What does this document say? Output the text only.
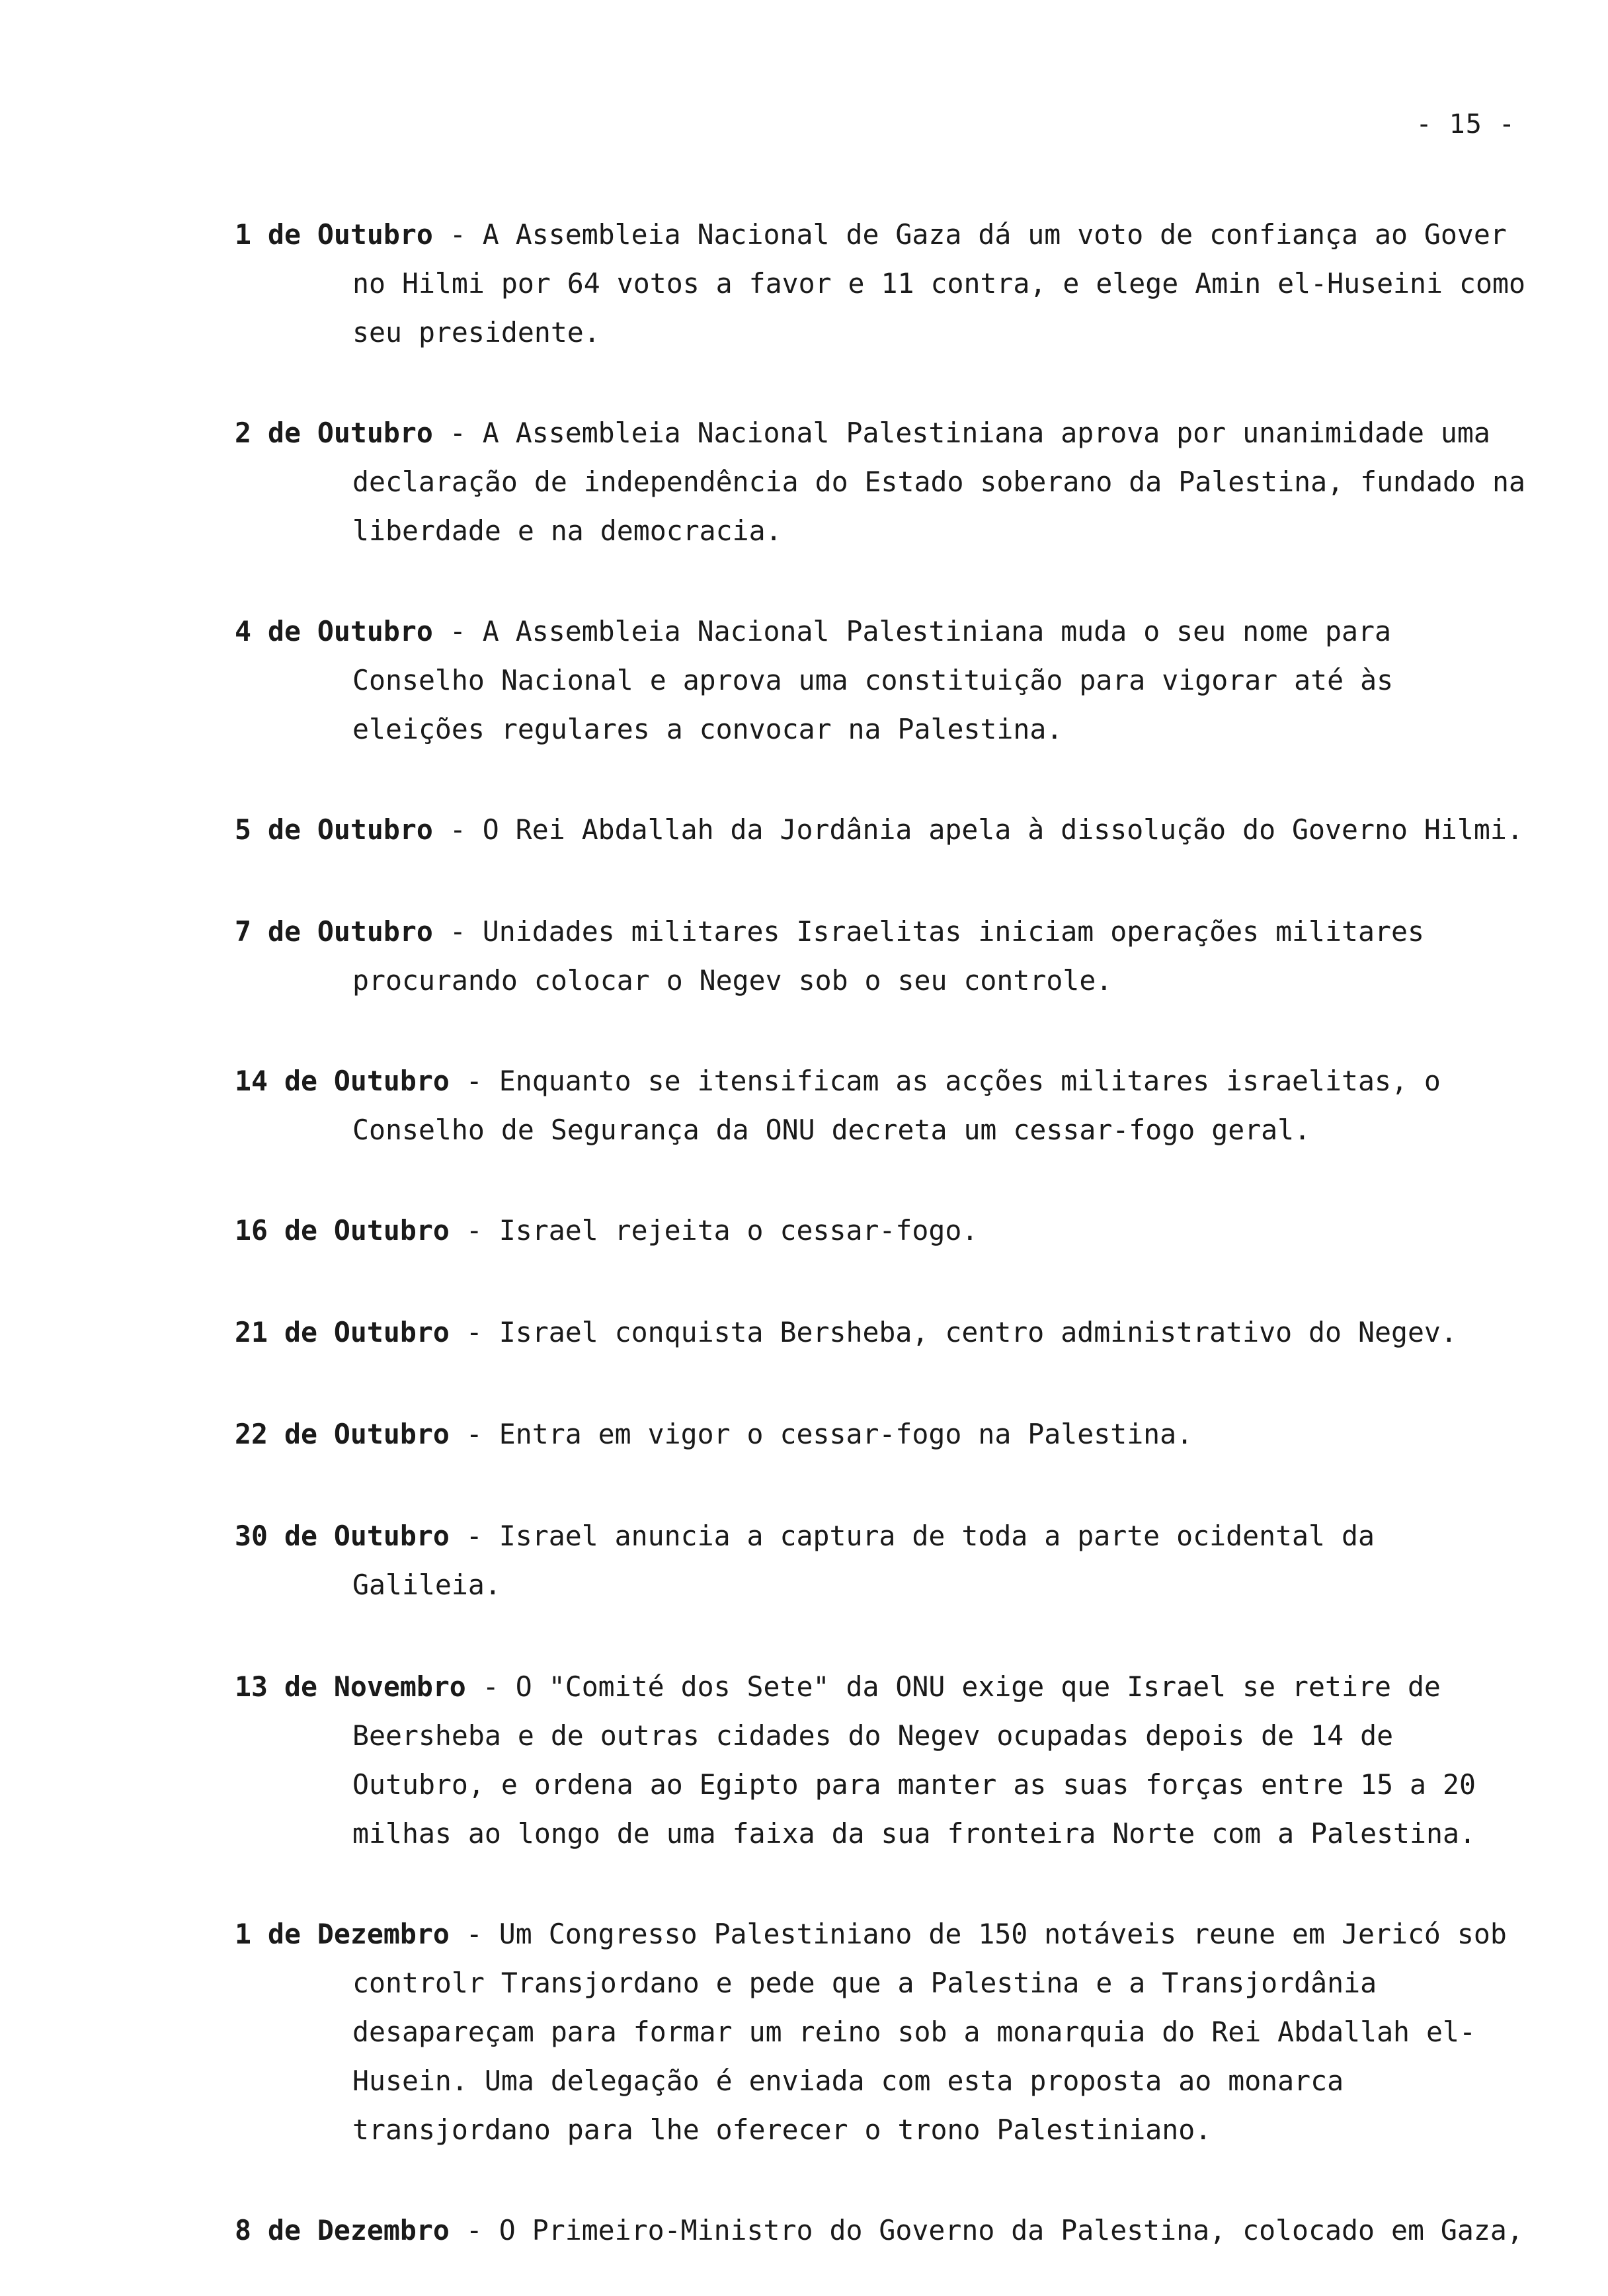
- 15 -
1 de Outubro - A Assembleia Nacional de Gaza dá um voto de confiança ao Gover no Hilmi por 64 votos a favor e 11 contra, e elege Amin el-Huseini como seu presidente.
2 de Outubro - A Assembleia Nacional Palestiniana aprova por unanimidade uma declaração de independência do Estado soberano da Palestina, fundado na liberdade e na democracia.
4 de Outubro - A Assembleia Nacional Palestiniana muda o seu nome para Conselho Nacional e aprova uma constituição para vigorar até às eleições regulares a convocar na Palestina.
5 de Outubro - O Rei Abdallah da Jordânia apela à dissolução do Governo Hilmi.
7 de Outubro - Unidades militares Israelitas iniciam operações militares procurando colocar o Negev sob o seu controle.
14 de Outubro - Enquanto se itensificam as acções militares israelitas, o Conselho de Segurança da ONU decreta um cessar-fogo geral.
16 de Outubro - Israel rejeita o cessar-fogo.
21 de Outubro - Israel conquista Bersheba, centro administrativo do Negev.
22 de Outubro - Entra em vigor o cessar-fogo na Palestina.
30 de Outubro - Israel anuncia a captura de toda a parte ocidental da Galileia.
13 de Novembro - O "Comité dos Sete" da ONU exige que Israel se retire de Beersheba e de outras cidades do Negev ocupadas depois de 14 de Outubro, e ordena ao Egipto para manter as suas forças entre 15 a 20 milhas ao longo de uma faixa da sua fronteira Norte com a Palestina.
1 de Dezembro - Um Congresso Palestiniano de 150 notáveis reune em Jericó sob controlr Transjordano e pede que a Palestina e a Transjordânia desapareçam para formar um reino sob a monarquia do Rei Abdallah el-Husein. Uma delegação é enviada com esta proposta ao monarca transjordano para lhe oferecer o trono Palestiniano.
8 de Dezembro - O Primeiro-Ministro do Governo da Palestina, colocado em Gaza,
